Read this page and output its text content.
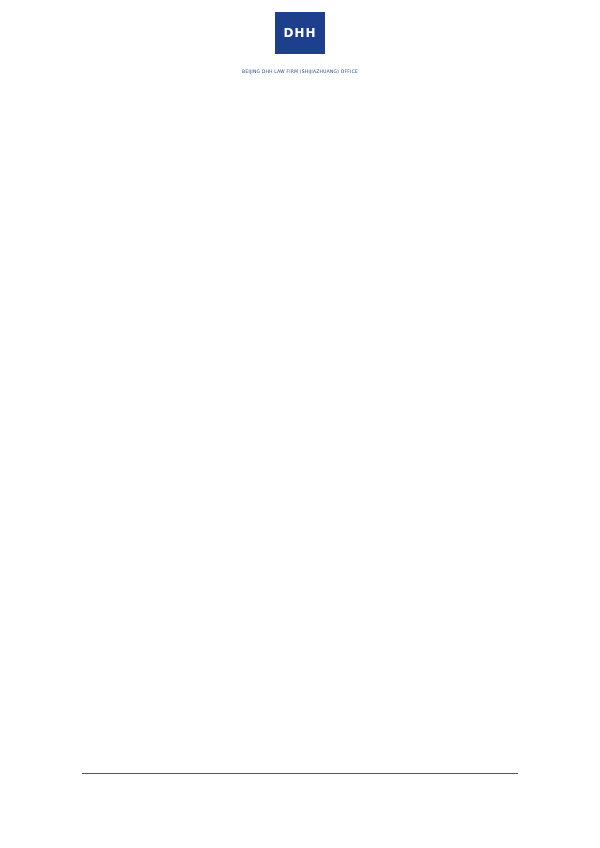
DHH
BEIJING DHH LAW FIRM (SHIJIAZHUANG) OFFICE
